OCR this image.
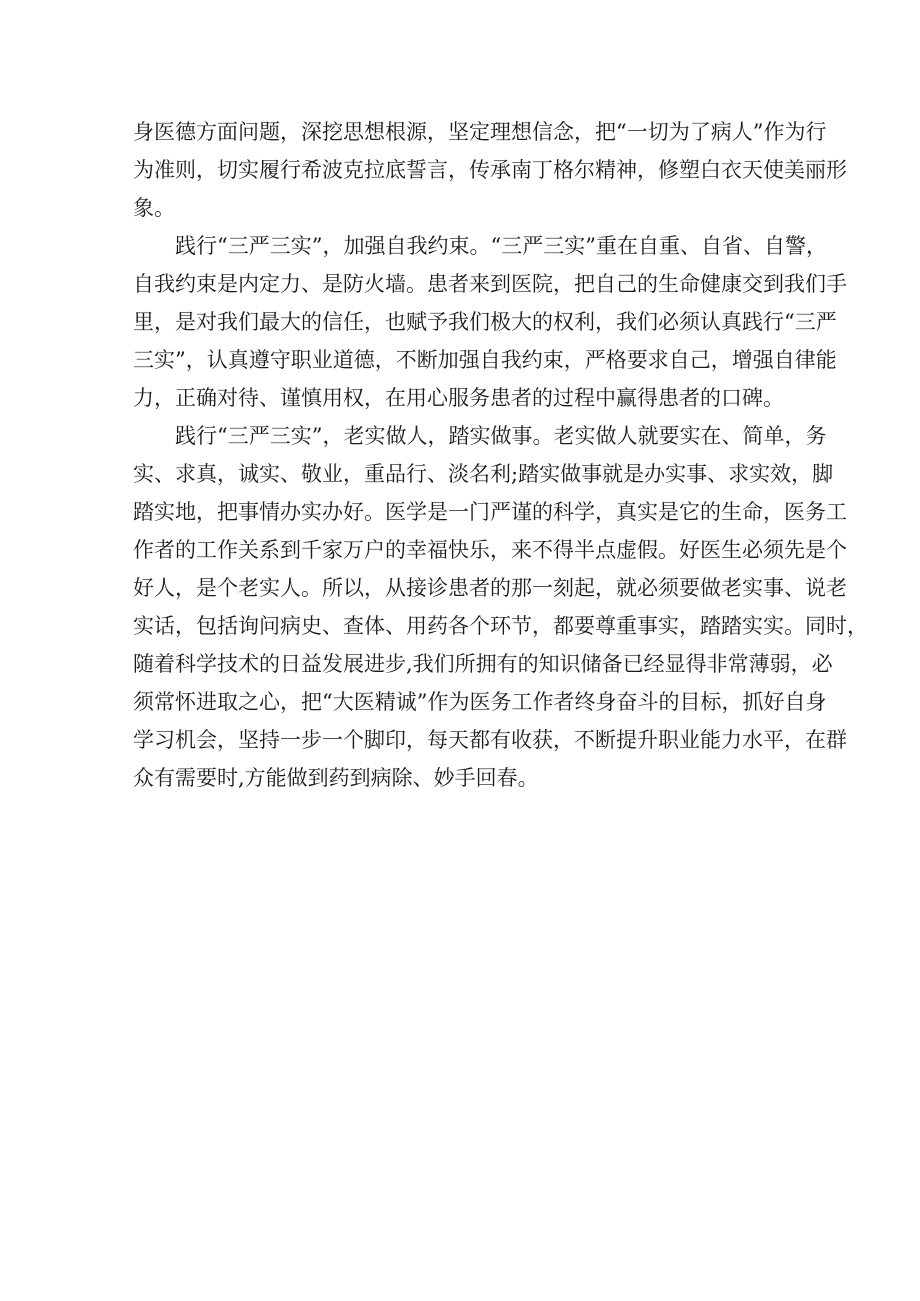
身医德方面问题，深挖思想根源，坚定理想信念，把“一切为了病人”作为行
为准则，切实履行希波克拉底誓言，传承南丁格尔精神，修塑白衣天使美丽形
象。
践行“三严三实”，加强自我约束。“三严三实”重在自重、自省、自警，
自我约束是内定力、是防火墙。患者来到医院，把自己的生命健康交到我们手
里，是对我们最大的信任，也赋予我们极大的权利，我们必须认真践行“三严
三实”，认真遵守职业道德，不断加强自我约束，严格要求自己，增强自律能
力，正确对待、谨慎用权，在用心服务患者的过程中赢得患者的口碑。
践行“三严三实”，老实做人，踏实做事。老实做人就要实在、简单，务
实、求真，诚实、敬业，重品行、淡名利;踏实做事就是办实事、求实效，脚
踏实地，把事情办实办好。医学是一门严谨的科学，真实是它的生命，医务工
作者的工作关系到千家万户的幸福快乐，来不得半点虚假。好医生必须先是个
好人，是个老实人。所以，从接诊患者的那一刻起，就必须要做老实事、说老
实话，包括询问病史、查体、用药各个环节，都要尊重事实，踏踏实实。同时，
随着科学技术的日益发展进步,我们所拥有的知识储备已经显得非常薄弱，必
须常怀进取之心，把“大医精诚”作为医务工作者终身奋斗的目标，抓好自身
学习机会，坚持一步一个脚印，每天都有收获，不断提升职业能力水平，在群
众有需要时,方能做到药到病除、妙手回春。
